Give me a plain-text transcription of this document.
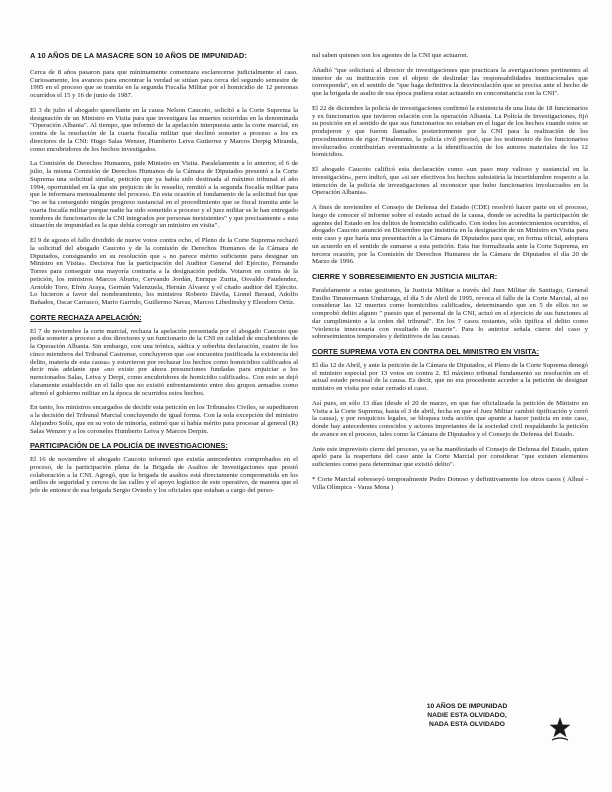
A 10 AÑOS DE LA MASACRE SON 10 AÑOS DE IMPUNIDAD:

Cerca de 8 años pasaron para que mínimamente comenzara esclarecerse judicialmente el caso. Curiosamente, los avances para encontrar la verdad se sitúan para cerca del segundo semestre de 1995 en el proceso que se tramita en la segunda Fiscalía Militar por el homicidio de 12 personas ocurridos el 15 y 16 de junio de 1987.

El 3 de julio el abogado querellante en la causa Nelson Caucoto, solicitó a la Corte Suprema la designación de un Ministro en Visita para que investigara las muertes ocurridas en la denominada "Operación Albania". Al tiempo, que informó de la apelación interpuesta ante la corte marcial, en contra de la resolución de la cuarta fiscalía militar que declinó someter a proceso a los ex directores de la CNI: Hugo Salas Wenzer, Humberto Leiva Gutierrez y Marcos Derpig Miranda, como encubridores de los hechos investigados.

La Comisión de Derechos Humanos, pide Ministro en Visita. Paralelamente a lo anterior, el 6 de julio, la misma Comisión de Derechos Humanos de la Cámara de Diputados presentó a la Corte Suprema una solicitud similar, petición que ya había sido destinada al máximo tribunal el año 1994, oportunidad en la que sin prejuicio de lo resuelto, remitió a la segunda fiscalía militar para que le informara mensualmente del proceso. En esta ocasión el fundamento de la solicitud fue que "no se ha conseguido ningún progreso sustancial en el procedimiento que se fiscal tramita ante la cuarta fiscalía militar porque nadie ha sido sometido a proceso y el juez militar se le han entregado nombres de funcionarios de la CNI integrados por personas inexistentes" y que precisamente « esta situación de impunidad es la que debía corregir un ministro en visita".

El 9 de agosto el fallo dividido de nueve votos contra ocho, el Pleno de la Corte Suprema rechazó la solicitud del abogado Caucoto y de la comisión de Derechos Humanos de la Cámara de Diputados, consignando en su resolución que « no parece mérito suficiente para designar un Ministro en Visita». Decisiva fue la participación del Auditor General del Ejército, Fernando Torres para conseguir una mayoría contraria a la designación pedida. Votaron en contra de la petición, los ministros Marcos Aburto, Cervando Jordán, Enrique Zurita, Osvaldo Faudendez, Arnoldo Toro, Efrén Araya, Germán Valenzuela, Hernán Alvarez y el citado auditor del Ejército. Lo hicieron a favor del nombramiento, los ministros Roberto Dávila, Lionel Beraud, Adolfo Bañados, Oscar Carrasco, Mario Garrido, Guillermo Navas, Marcos Libedinsky y Eleodoro Ortiz.

CORTE RECHAZA APELACIÓN:

El 7 de noviembre la corte marcial, rechaza la apelación presentada por el abogado Caucoto que pedía someter a proceso a dos directores y un funcionario de la CNI en calidad de encubridores de la Operación Albania. Sin embargo, con una irónica, sádica y soberbia declaración, cuatro de los cinco miembros del Tribunal Castrense, concluyeron que «se encuentra justificada la existencia del delito, materia de esta causa» y estuvieron por rechazar los hechos como homicidios calificados al decir más adelante que «no existe por ahora presunciones fundadas para enjuiciar a los mencionados Salas, Leiva y Derpi, como encubridores de homicidio calificado». Con esto se dejó claramente establecido en el fallo que no existió enfrentamiento entre dos grupos armados como afirmó el gobierno militar en la época de ocurridos estos hechos.

En tanto, los ministros encargados de decidir esta petición en los Tribunales Civiles, se supeditaron a la decisión del Tribunal Marcial concluyendo de igual forma. Con la sola excepción del ministro Alejandro Solís, que en su voto de minoría, estimó que sí había mérito para procesar al general (R) Salas Wenzer y a los coroneles Humberto Leiva y Marcos Derpin.

PARTICIPACIÓN DE LA POLICÍA DE INVESTIGACIONES:

El 16 de noviembre el abogado Caucoto informó que existía antecedentes comprobados en el proceso, de la participación plena de la Brigada de Asaltos de Investigaciones que prestó colaboración a la CNI. Agregó, que la brigada de asaltos está directamente comprometida en los anillos de seguridad y cercos de las calles y el apoyo logístico de este operativo, de manera que el jefe de entonce de esa brigada Sergio Oviedo y los oficiales que estaban a cargo del perso-

nal saben quienes son los agentes de la CNI que actuaron.

Añadió "que solicitará al director de investigaciones que practicara la averiguaciones pertinentes al interior de su institución con el objeto de deslindar las responsabilidades institucionales que corresponda", en el sentido de "que haga definitiva la desvinculación que se precisa ante el hecho de que la brigada de asalto de esa época pudiera estar actuando en concomitancia con la CNI".

El 22 de diciembre la policía de investigaciones confirmó la existencia de una lista de 18 funcionarios y ex funcionarios que tuvieron relación con la operación Albania. La Policía de Investigaciones, fijó su posición en el sentido de que sus funcionarios no estaban en el lugar de los hechos cuando estos se produjeron y que fueron llamados posteriormente por la CNI para la realización de los procedimientos de rigor. Finalmente, la policía civil precisó, que los testimonio de los funcionarios involucrados contribuirían eventualmente a la identificación de los autores materiales de los 12 homicidios.

El abogado Caucoto calificó esta declaración como «un paso muy valioso y sustancial en la investigación», pero indicó, que «si ser efectivos los hechos subsistiría la incertidumbre respecto a la intención de la policía de investigaciones al reconocer que hubo funcionarios involucrados en la Operación Albania».

A fines de noviembre el Consejo de Defensa del Estado (CDE) resolvió hacer parte en el proceso, luego de conocer el informe sobre el estado actual de la causa, donde se acredita la participación de agentes del Estado en los delitos de homicidio calificado. Con todos los acontecimientos ocurridos, el abogado Caucoto anunció en Diciembre que insistiría en la designación de un Ministro en Visita para este caso y que haría una presentación a la Cámara de Diputados para que, en forma oficial, adoptara un acuerdo en el sentido de sumarse a esta petición. Esta fue formalizada ante la Corte Suprema, en tercera ocasión, por la Comisión de Derechos Humanos de la Cámara de Diputados el día 20 de Marzo de 1996.

CIERRE Y SOBRESEIMIENTO EN JUSTICIA MILITAR:

Paralelamente a estas gestiones, la Justicia Militar a través del Juez Militar de Santiago, General Emilio Timmermann Undurraga, el día 5 de Abril de 1995, revoca el fallo de la Corte Marcial, al no considerar las 12 muertes como homicidios calificados, determinando que en 5 de ellos no se comprobó delito alguno " puesto que el personal de la CNI, actuó en el ejercicio de sus funciones al dar cumplimiento a la orden del tribunal". En los 7 casos restantes, sólo tipifica el delito como "violencia innecesaria con resultado de muerte". Para lo anterior señala cierre del caso y sobreseimientos temporales y definitivos de las causas.

CORTE SUPREMA VOTA EN CONTRA DEL MINISTRO EN VISITA:

El día 12 de Abril, y ante la petición de la Cámara de Diputados, el Pleno de la Corte Suprema denegó el ministro especial por 13 votos en contra 2. El máximo tribunal fundamentó su resolución en el actual estado procesal de la causa. Es decir, que no era procedente acceder a la petición de designar ministro en visita por estar cerrado el caso.

Así pues, en sólo 13 días (desde el 20 de marzo, en que fue oficializada la petición de Ministro en Visita a la Corte Suprema, hasta el 3 de abril, fecha en que el Juez Militar cambió tipificación y cerró la causa), y por resquicios legales, se bloquea toda acción que apunte a hacer justicia en este caso, donde hay antecedentes conocidos y actores importantes de la sociedad civil respaldando la petición de avance en el proceso, tales como la Cámara de Diputados y el Consejo de Defensa del Estado.

Ante este imprevisto cierre del proceso, ya se ha manifestado el Consejo de Defensa del Estado, quien apeló para la reapertura del caso ante la Corte Marcial por considerar "que existen elementos suficientes como para determinar que existió delito".

* Corte Marcial sobreseyó temporalmente Pedro Donoso y definitivamente los otros casos ( Alhué - Villa Olímpica - Varas Mena )

10 AÑOS DE IMPUNIDAD
NADIE ESTA OLVIDADO,
NADA ESTA OLVIDADO
